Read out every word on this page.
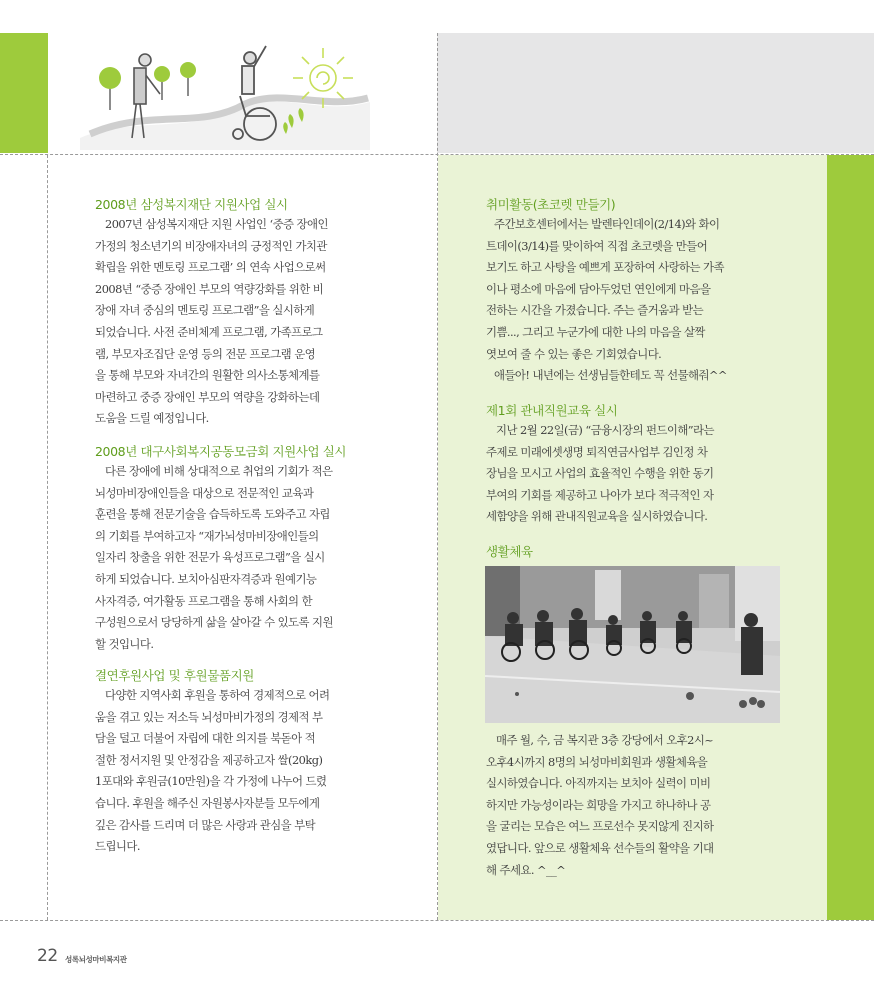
2008년 삼성복지재단 지원사업 실시
2007년 삼성복지재단 지원 사업인 ‘중증 장애인
가정의 청소년기의 비장애자녀의 긍정적인 가치관
확립을 위한 멘토링 프로그램’ 의 연속 사업으로써
2008년 “중증 장애인 부모의 역량강화를 위한 비
장애 자녀 중심의 멘토링 프로그램”을 실시하게
되었습니다. 사전 준비체계 프로그램, 가족프로그
램, 부모자조집단 운영 등의 전문 프로그램 운영
을 통해 부모와 자녀간의 원활한 의사소통체계를
마련하고 중증 장애인 부모의 역량을 강화하는데
도움을 드릴 예정입니다.
2008년 대구사회복지공동모금회 지원사업 실시
다른 장애에 비해 상대적으로 취업의 기회가 적은
뇌성마비장애인들을 대상으로 전문적인 교육과
훈련을 통해 전문기술을 습득하도록 도와주고 자립
의 기회를 부여하고자 “재가뇌성마비장애인들의
일자리 창출을 위한 전문가 육성프로그램”을 실시
하게 되었습니다. 보치아심판자격증과 원예기능
사자격증, 여가활동 프로그램을 통해 사회의 한
구성원으로서 당당하게 삶을 살아갈 수 있도록 지원
할 것입니다.
결연후원사업 및 후원물품지원
다양한 지역사회 후원을 통하여 경제적으로 어려
움을 겪고 있는 저소득 뇌성마비가정의 경제적 부
담을 덜고 더불어 자립에 대한 의지를 북돋아 적
절한 정서지원 및 안정감을 제공하고자 쌀(20kg)
1포대와 후원금(10만원)을 각 가정에 나누어 드렸
습니다. 후원을 해주신 자원봉사자분들 모두에게
깊은 감사를 드리며 더 많은 사랑과 관심을 부탁
드립니다.
취미활동(초코렛 만들기)
주간보호센터에서는 발렌타인데이(2/14)와 화이
트데이(3/14)를 맞이하여 직접 초코렛을 만들어
보기도 하고 사탕을 예쁘게 포장하여 사랑하는 가족
이나 평소에 마음에 담아두었던 연인에게 마음을
전하는 시간을 가졌습니다. 주는 즐거움과 받는
기쁨..., 그리고 누군가에 대한 나의 마음을 살짝
엿보여 줄 수 있는 좋은 기회였습니다.
애들아! 내년에는 선생님들한테도 꼭 선물해줘^^
제1회 관내직원교육 실시
지난 2월 22일(금) “금융시장의 펀드이해”라는
주제로 미래에셋생명 퇴직연금사업부 김인정 차
장님을 모시고 사업의 효율적인 수행을 위한 동기
부여의 기회를 제공하고 나아가 보다 적극적인 자
세함양을 위해 관내직원교육을 실시하였습니다.
생활체육
매주 월, 수, 금 복지관 3층 강당에서 오후2시~
오후4시까지 8명의 뇌성마비회원과 생활체육을
실시하였습니다. 아직까지는 보치아 실력이 미비
하지만 가능성이라는 희망을 가지고 하나하나 공
을 굴리는 모습은 여느 프로선수 못지않게 진지하
였답니다. 앞으로 생활체육 선수들의 활약을 기대
해 주세요. ^__^
22 성록뇌성마비복지관
